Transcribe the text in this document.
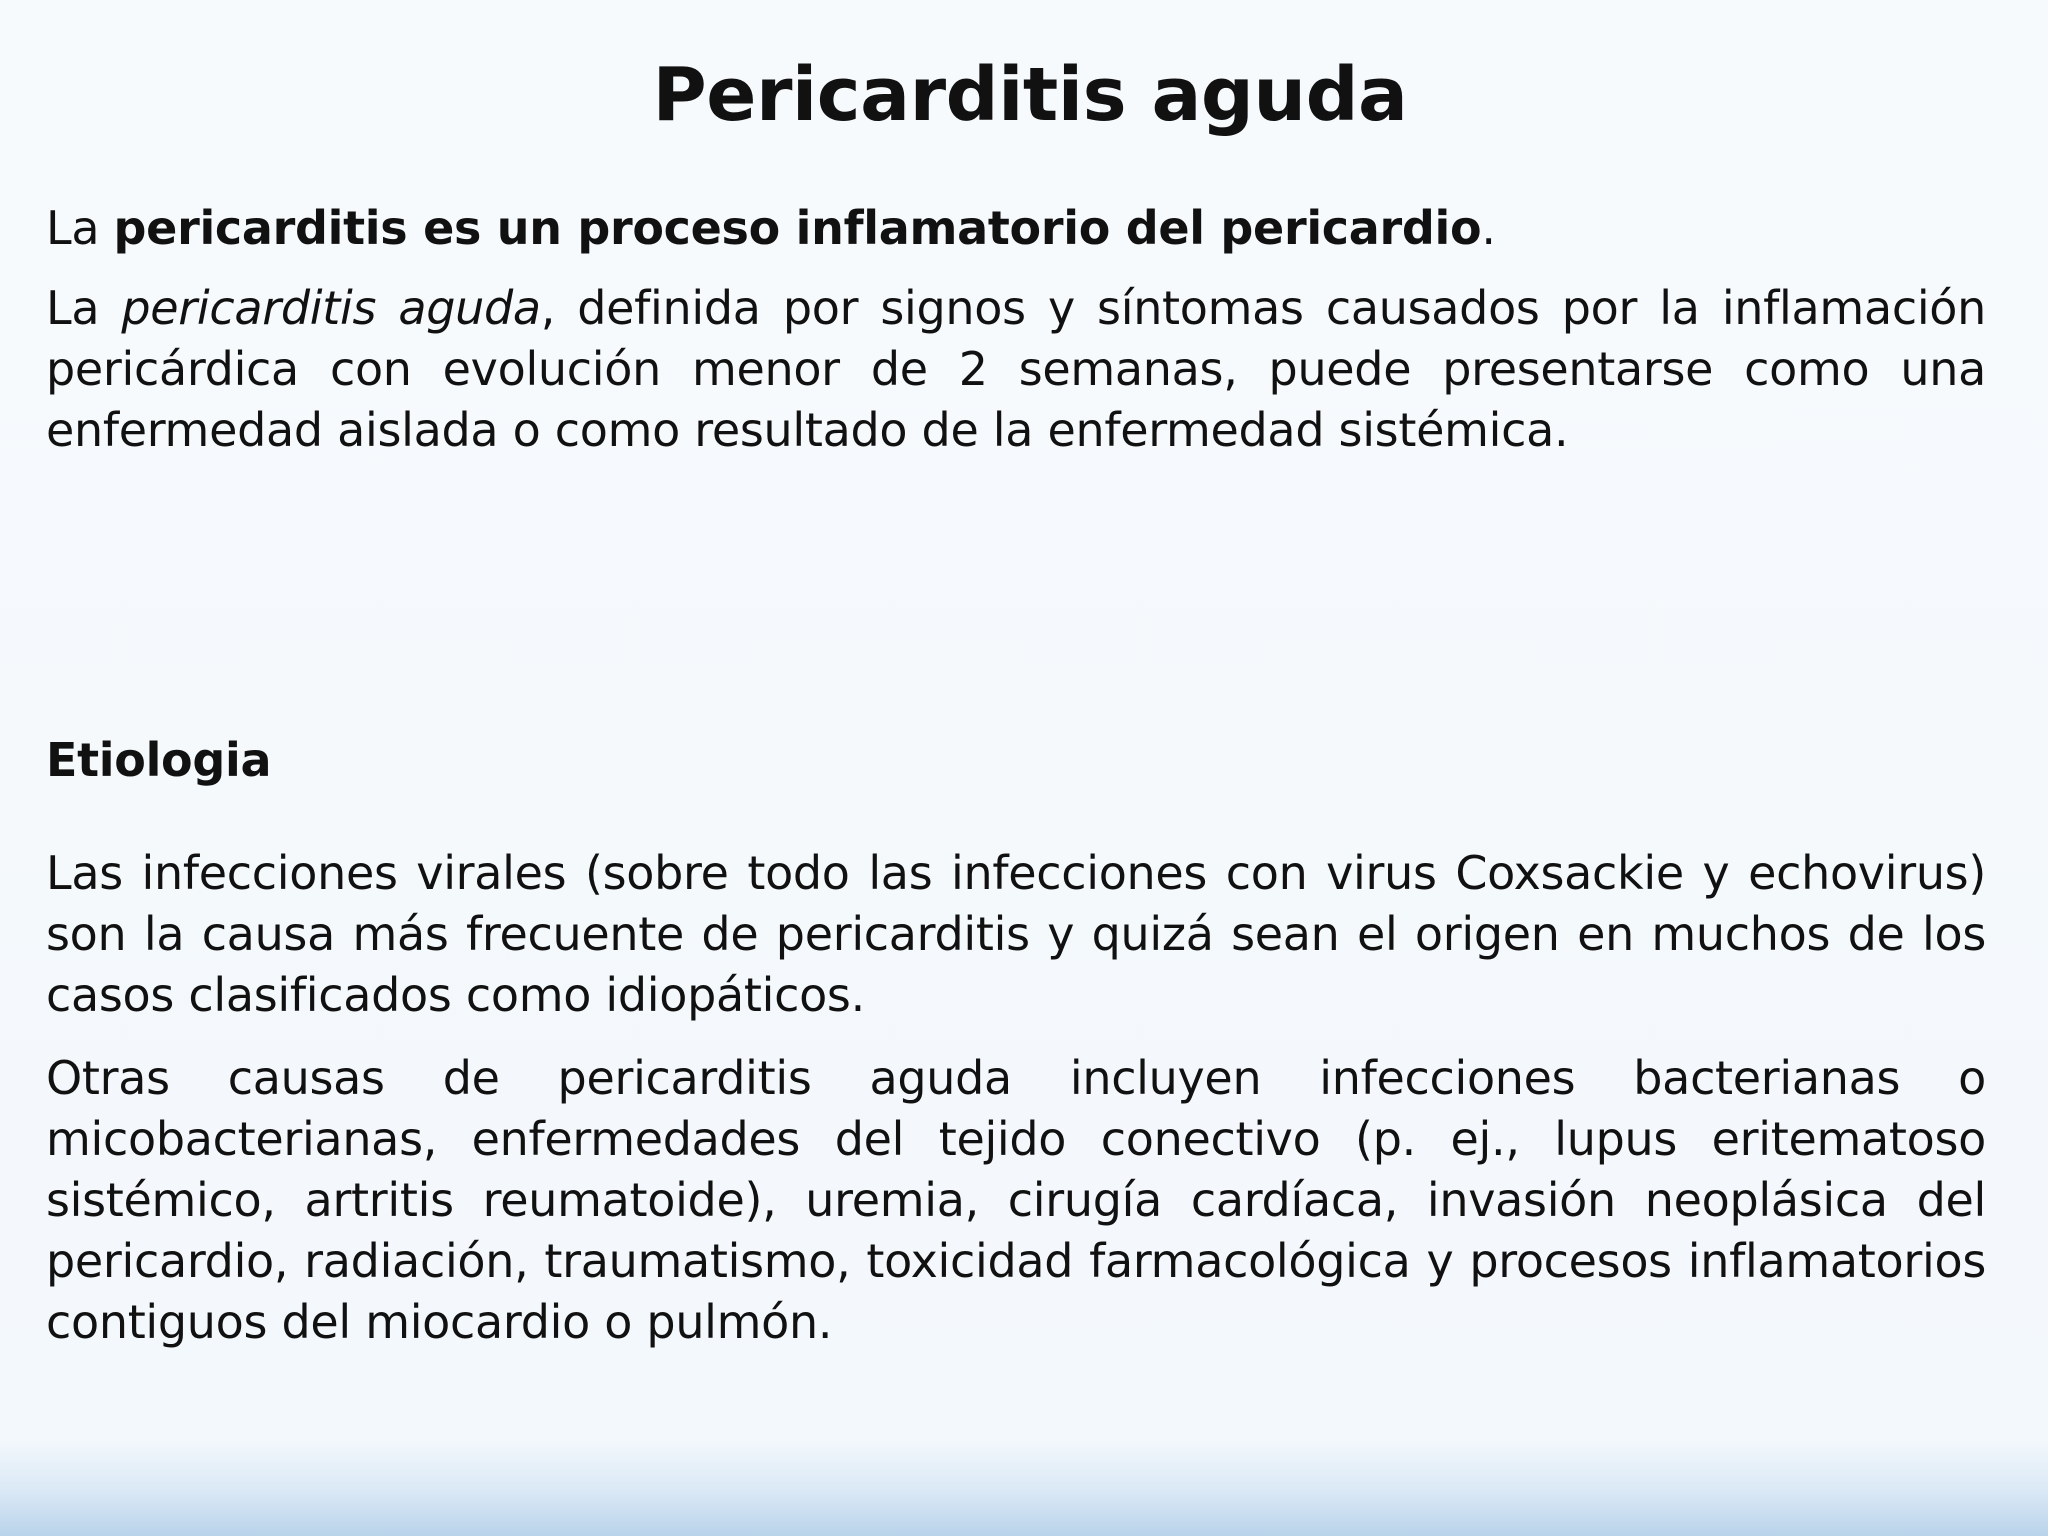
Pericarditis aguda

La pericarditis es un proceso inflamatorio del pericardio.

La pericarditis aguda, definida por signos y síntomas causados por la inflamación pericárdica con evolución menor de 2 semanas, puede presentarse como una enfermedad aislada o como resultado de la enfermedad sistémica.

Etiologia

Las infecciones virales (sobre todo las infecciones con virus Coxsackie y echovirus) son la causa más frecuente de pericarditis y quizá sean el origen en muchos de los casos clasificados como idiopáticos.

Otras causas de pericarditis aguda incluyen infecciones bacterianas o micobacterianas, enfermedades del tejido conectivo (p. ej., lupus eritematoso sistémico, artritis reumatoide), uremia, cirugía cardíaca, invasión neoplásica del pericardio, radiación, traumatismo, toxicidad farmacológica y procesos inflamatorios contiguos del miocardio o pulmón.
